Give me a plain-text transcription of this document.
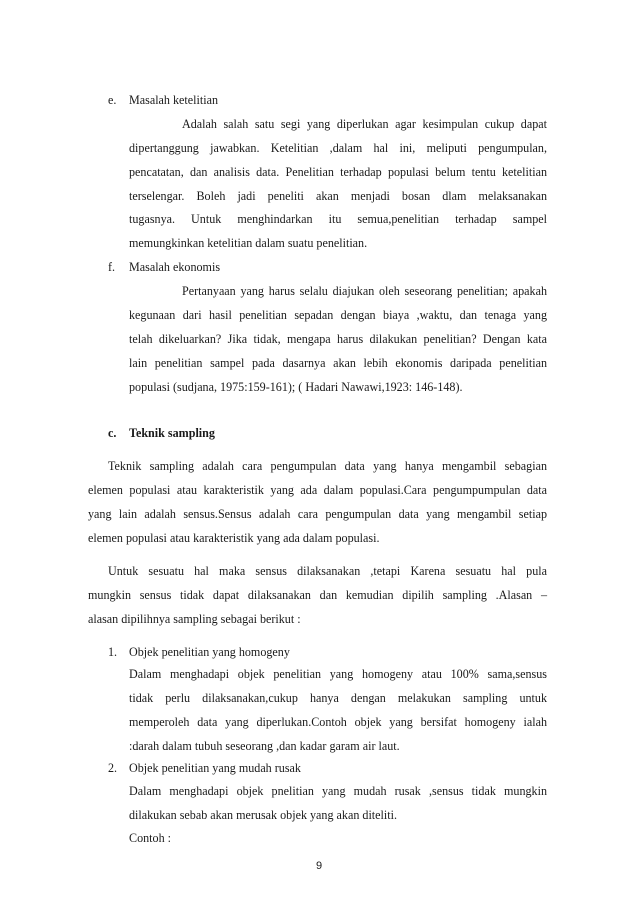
e. Masalah ketelitian

Adalah salah satu segi yang diperlukan agar kesimpulan cukup dapat

dipertanggung jawabkan. Ketelitian ,dalam hal ini, meliputi pengumpulan,

pencatatan, dan analisis data. Penelitian terhadap populasi belum tentu ketelitian

terselengar. Boleh jadi peneliti akan menjadi bosan dlam melaksanakan

tugasnya. Untuk menghindarkan itu semua,penelitian terhadap sampel

memungkinkan ketelitian dalam suatu penelitian.

f. Masalah ekonomis

Pertanyaan yang harus selalu diajukan oleh seseorang penelitian; apakah

kegunaan dari hasil penelitian sepadan dengan biaya ,waktu, dan tenaga yang

telah dikeluarkan? Jika tidak, mengapa harus dilakukan penelitian? Dengan kata

lain penelitian sampel pada dasarnya akan lebih ekonomis daripada penelitian

populasi (sudjana, 1975:159-161); ( Hadari Nawawi,1923: 146-148).

c. Teknik sampling

Teknik sampling adalah cara pengumpulan data yang hanya mengambil sebagian

elemen populasi atau karakteristik yang ada dalam populasi.Cara pengumpumpulan data

yang lain adalah sensus.Sensus adalah cara pengumpulan data yang mengambil setiap

elemen populasi atau karakteristik yang ada dalam populasi.

Untuk sesuatu hal maka sensus dilaksanakan ,tetapi Karena sesuatu hal pula

mungkin sensus tidak dapat dilaksanakan dan kemudian dipilih sampling .Alasan –

alasan dipilihnya sampling sebagai berikut :

1. Objek penelitian yang homogeny

Dalam menghadapi objek penelitian yang homogeny atau 100% sama,sensus

tidak perlu dilaksanakan,cukup hanya dengan melakukan sampling untuk

memperoleh data yang diperlukan.Contoh objek yang bersifat homogeny ialah

:darah dalam tubuh seseorang ,dan kadar garam air laut.

2. Objek penelitian yang mudah rusak

Dalam menghadapi objek pnelitian yang mudah rusak ,sensus tidak mungkin

dilakukan sebab akan merusak objek yang akan diteliti.

Contoh :

9
